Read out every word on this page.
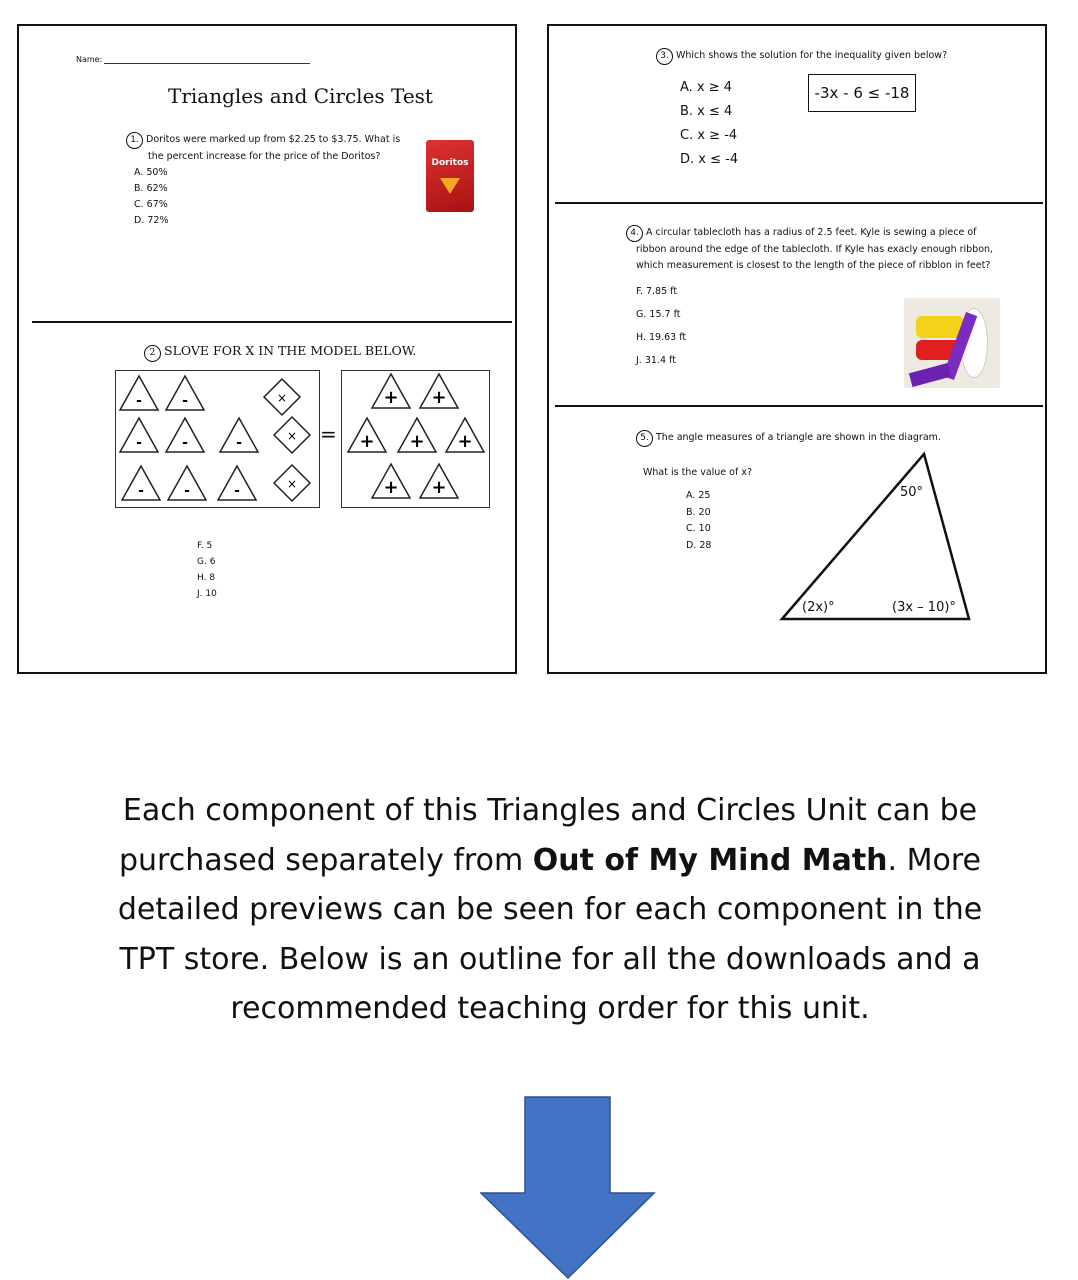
Name:
Triangles and Circles Test
1. Doritos were marked up from $2.25 to $3.75. What is
the percent increase for the price of the Doritos?
A. 50%
B. 62%
C. 67%
D. 72%
Doritos
2 SLOVE FOR X IN THE MODEL BELOW.
=
-	-
-	-	-
-	-	-
×
×
×
+ +
+ + +
+ +
F. 5
G. 6
H. 8
J. 10
3. Which shows the solution for the inequality given below?
A. x ≥ 4
B. x ≤ 4
C. x ≥ -4
D. x ≤ -4
-3x - 6 ≤ -18
4. A circular tablecloth has a radius of 2.5 feet. Kyle is sewing a piece of
ribbon around the edge of the tablecloth. If Kyle has exacly enough ribbon,
which measurement is closest to the length of the piece of ribblon in feet?
F. 7.85 ft
G. 15.7 ft
H. 19.63 ft
J. 31.4 ft
5. The angle measures of a triangle are shown in the diagram.
What is the value of x?
A. 25
B. 20
C. 10
D. 28
50°
(2x)°	(3x – 10)°
Each component of this Triangles and Circles Unit can be
purchased separately from Out of My Mind Math. More
detailed previews can be seen for each component in the
TPT store. Below is an outline for all the downloads and a
recommended teaching order for this unit.
